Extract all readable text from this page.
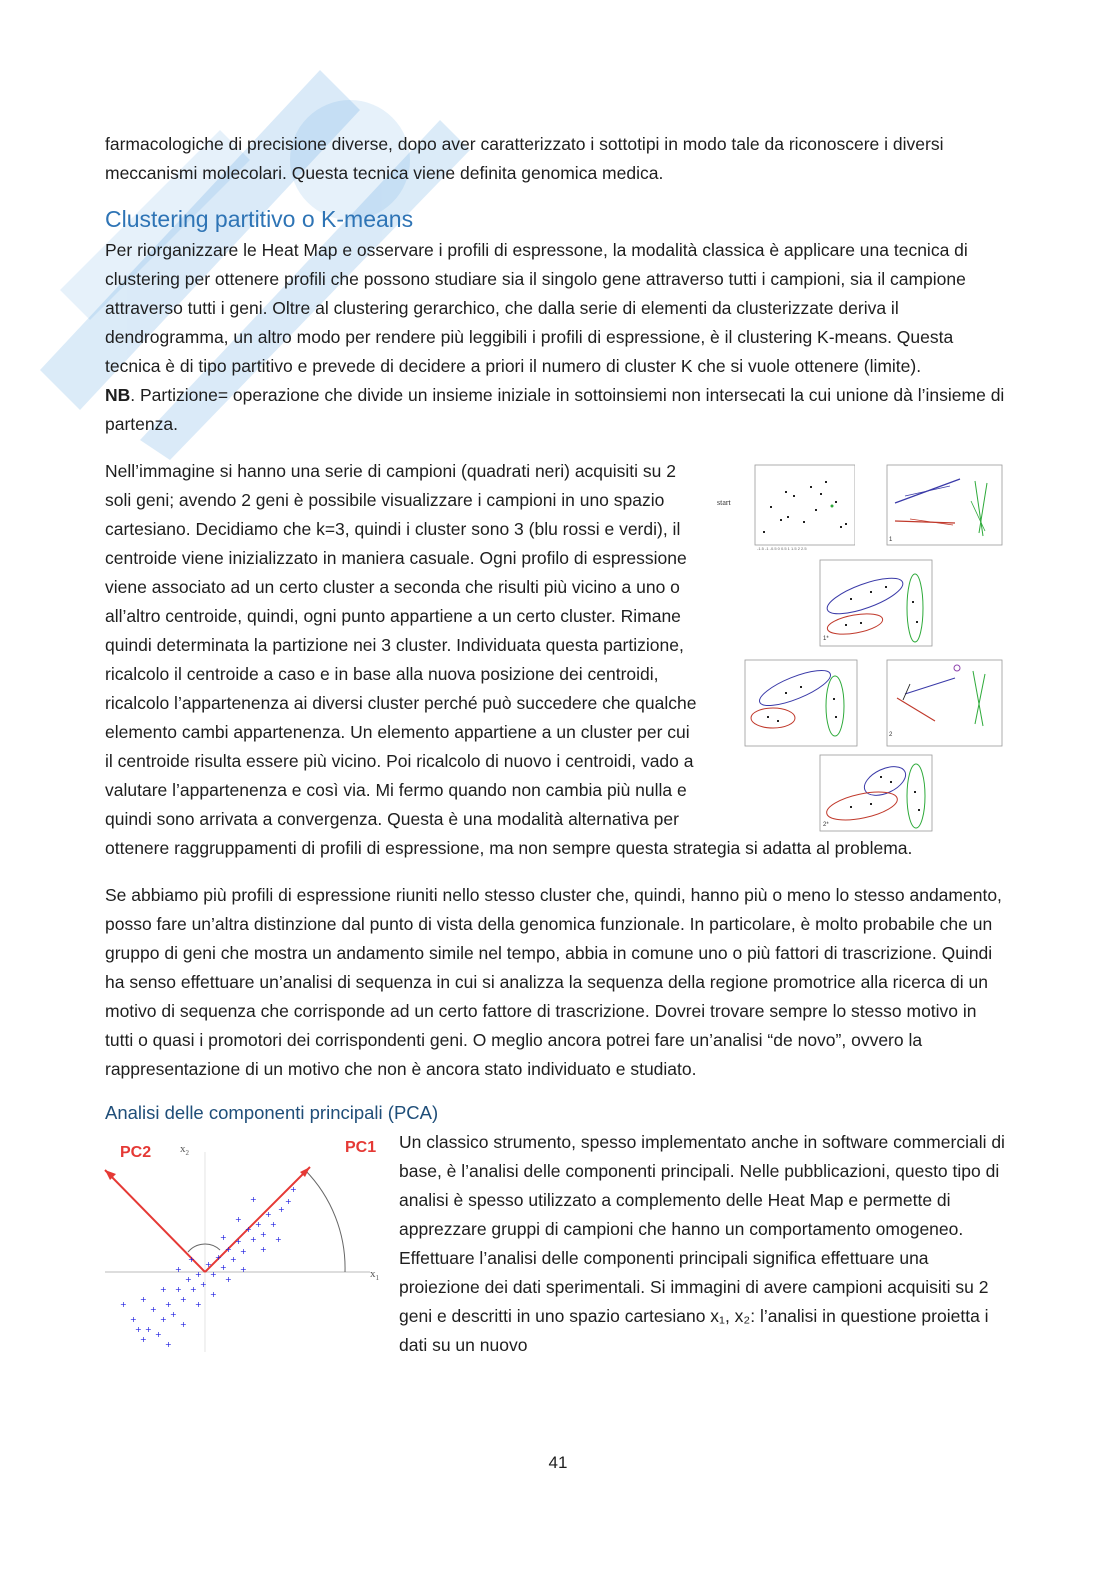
farmacologiche di precisione diverse, dopo aver caratterizzato i sottotipi in modo tale da riconoscere i diversi meccanismi molecolari. Questa tecnica viene definita genomica medica.

Clustering partitivo o K-means

Per riorganizzare le Heat Map e osservare i profili di espressone, la modalità classica è applicare una tecnica di clustering per ottenere profili che possono studiare sia il singolo gene attraverso tutti i campioni, sia il campione attraverso tutti i geni. Oltre al clustering gerarchico, che dalla serie di elementi da clusterizzate deriva il dendrogramma, un altro modo per rendere più leggibili i profili di espressione, è il clustering K-means. Questa tecnica è di tipo partitivo e prevede di decidere a priori il numero di cluster K che si vuole ottenere (limite).

NB. Partizione= operazione che divide un insieme iniziale in sottoinsiemi non intersecati la cui unione dà l’insieme di partenza.

start
-1.5 -1 -0.5 0 0.5 1 1.5 2 2.5
1
1*
2
2*

Nell’immagine si hanno una serie di campioni (quadrati neri) acquisiti su 2 soli geni; avendo 2 geni è possibile visualizzare i campioni in uno spazio cartesiano. Decidiamo che k=3, quindi i cluster sono 3 (blu rossi e verdi), il centroide viene inizializzato in maniera casuale. Ogni profilo di espressione viene associato ad un certo cluster a seconda che risulti più vicino a uno o all’altro centroide, quindi, ogni punto appartiene a un certo cluster. Rimane quindi determinata la partizione nei 3 cluster. Individuata questa partizione, ricalcolo il centroide a caso e in base alla nuova posizione dei centroidi, ricalcolo l’appartenenza ai diversi cluster perché può succedere che qualche elemento cambi appartenenza. Un elemento appartiene a un cluster per cui il centroide risulta essere più vicino. Poi ricalcolo di nuovo i centroidi, vado a valutare l’appartenenza e così via. Mi fermo quando non cambia più nulla e quindi sono arrivata a convergenza. Questa è una modalità alternativa per ottenere raggruppamenti di profili di espressione, ma non sempre questa strategia si adatta al problema.

Se abbiamo più profili di espressione riuniti nello stesso cluster che, quindi, hanno più o meno lo stesso andamento, posso fare un’altra distinzione dal punto di vista della genomica funzionale. In particolare, è molto probabile che un gruppo di geni che mostra un andamento simile nel tempo, abbia in comune uno o più fattori di trascrizione. Quindi ha senso effettuare un’analisi di sequenza in cui si analizza la sequenza della regione promotrice alla ricerca di un motivo di sequenza che corrisponde ad un certo fattore di trascrizione. Dovrei trovare sempre lo stesso motivo in tutti o quasi i promotori dei corrispondenti geni. O meglio ancora potrei fare un’analisi “de novo”, ovvero la rappresentazione di un motivo che non è ancora stato individuato e studiato.

Analisi delle componenti principali (PCA)
PC2	PC1
$x_2$
$x_1$
+
+
+
+
+
+
+
+
+
+
+
+
+
+
+
+
+
+
+
+
+
+
+
+
+
+
+
+
+
+
+
+
+
+
+
+
+
+
+
+
+
+
+
+
+
+
+
+

Un classico strumento, spesso implementato anche in software commerciali di base, è l’analisi delle componenti principali. Nelle pubblicazioni, questo tipo di analisi è spesso utilizzato a complemento delle Heat Map e permette di apprezzare gruppi di campioni che hanno un comportamento omogeneo. Effettuare l’analisi delle componenti principali significa effettuare una proiezione dei dati sperimentali. Si immagini di avere campioni acquisiti su 2 geni e descritti in uno spazio cartesiano x₁, x₂: l’analisi in questione proietta i dati su un nuovo

41
